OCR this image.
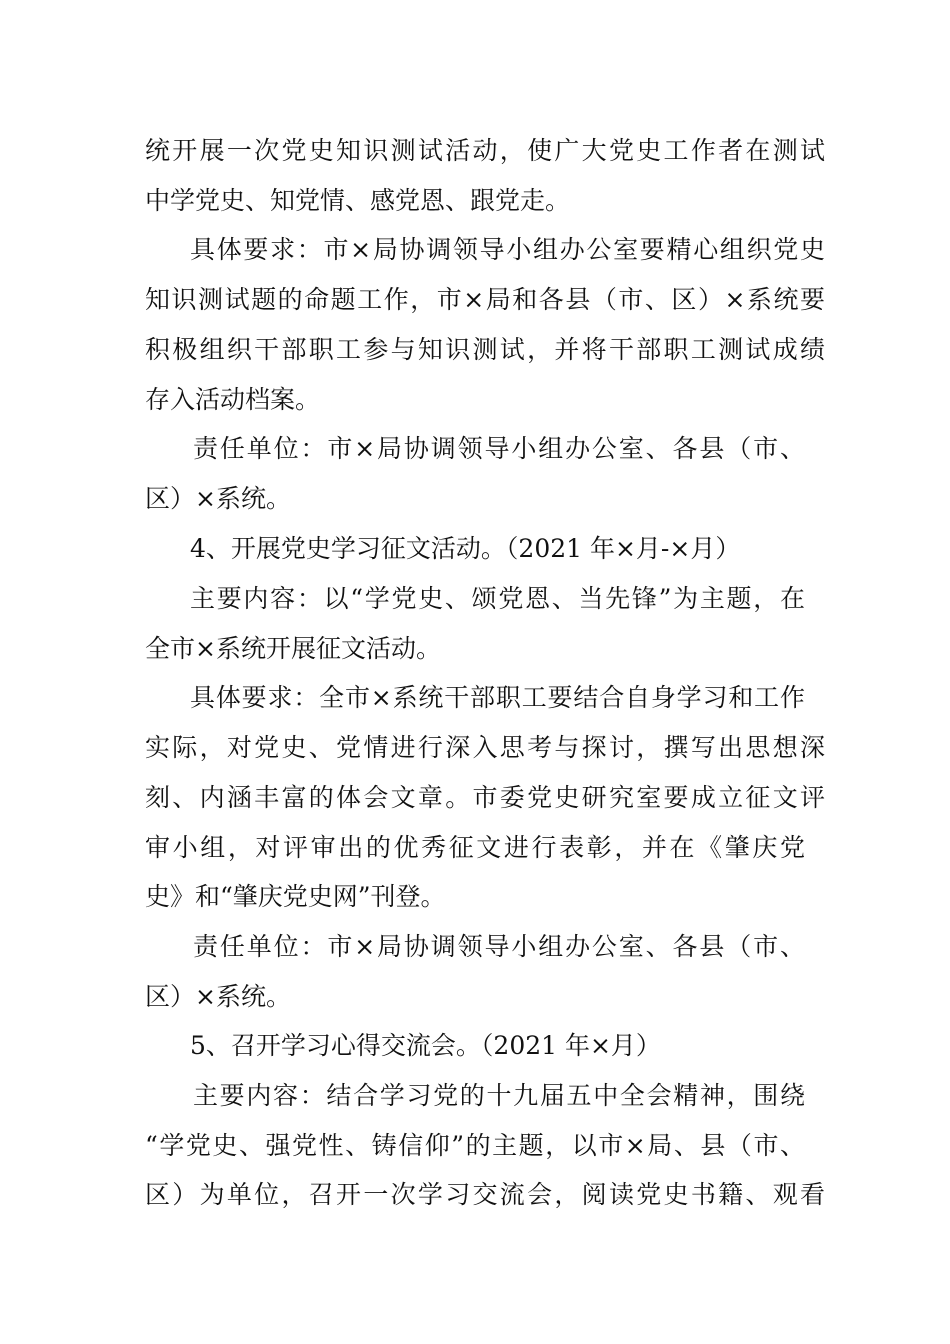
统开展一次党史知识测试活动，使广大党史工作者在测试
中学党史、知党情、感党恩、跟党走。
具体要求：市×局协调领导小组办公室要精心组织党史
知识测试题的命题工作，市×局和各县（市、区）×系统要
积极组织干部职工参与知识测试，并将干部职工测试成绩
存入活动档案。
责任单位：市×局协调领导小组办公室、各县（市、
区）×系统。
4、开展党史学习征文活动。（2021 年×月-×月）
主要内容：以“学党史、颂党恩、当先锋”为主题，在
全市×系统开展征文活动。
具体要求：全市×系统干部职工要结合自身学习和工作
实际，对党史、党情进行深入思考与探讨，撰写出思想深
刻、内涵丰富的体会文章。市委党史研究室要成立征文评
审小组，对评审出的优秀征文进行表彰，并在《肇庆党
史》和“肇庆党史网”刊登。
责任单位：市×局协调领导小组办公室、各县（市、
区）×系统。
5、召开学习心得交流会。（2021 年×月）
主要内容：结合学习党的十九届五中全会精神，围绕
“学党史、强党性、铸信仰”的主题，以市×局、县（市、
区）为单位，召开一次学习交流会，阅读党史书籍、观看
